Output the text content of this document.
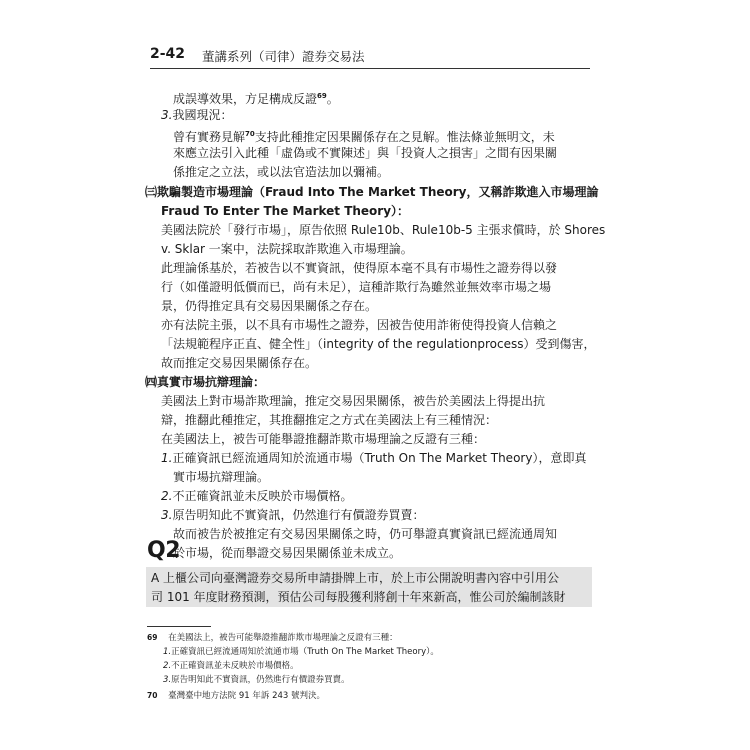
2-42 董講系列（司律）證券交易法
成誤導效果，方足構成反證$^{69}$。
3.我國現況：
曾有實務見解$^{70}$支持此種推定因果關係存在之見解。惟法條並無明文，未
來應立法引入此種「虛偽或不實陳述」與「投資人之損害」之間有因果關
係推定之立法，或以法官造法加以彌補。
㈢欺騙製造市場理論（Fraud Into The Market Theory，又稱詐欺進入市場理論
Fraud To Enter The Market Theory）：
美國法院於「發行市場」，原告依照 Rule10b、Rule10b-5 主張求償時，於 Shores
v. Sklar 一案中，法院採取詐欺進入市場理論。
此理論係基於，若被告以不實資訊，使得原本毫不具有市場性之證券得以發
行（如僅證明低價而已，尚有未足），這種詐欺行為雖然並無效率市場之場
景，仍得推定具有交易因果關係之存在。
亦有法院主張，以不具有市場性之證券，因被告使用詐術使得投資人信賴之
「法規範程序正直、健全性」（integrity of the regulationprocess）受到傷害，
故而推定交易因果關係存在。
㈣真實市場抗辯理論：
美國法上對市場詐欺理論，推定交易因果關係，被告於美國法上得提出抗
辯，推翻此種推定，其推翻推定之方式在美國法上有三種情況：
在美國法上，被告可能舉證推翻詐欺市場理論之反證有三種：
1.正確資訊已經流通周知於流通市場（Truth On The Market Theory），意即真
實市場抗辯理論。
2.不正確資訊並未反映於市場價格。
3.原告明知此不實資訊，仍然進行有價證券買賣：
故而被告於被推定有交易因果關係之時，仍可舉證真實資訊已經流通周知
於市場，從而舉證交易因果關係並未成立。
Q2
A 上櫃公司向臺灣證券交易所申請掛牌上市，於上市公開說明書內容中引用公
司 101 年度財務預測，預估公司每股獲利將創十年來新高，惟公司於編制該財
69 在美國法上，被告可能舉證推翻詐欺市場理論之反證有三種：
1.正確資訊已經流通周知於流通市場（Truth On The Market Theory）。
2.不正確資訊並未反映於市場價格。
3.原告明知此不實資訊，仍然進行有價證券買賣。
70 臺灣臺中地方法院 91 年訴 243 號判決。
